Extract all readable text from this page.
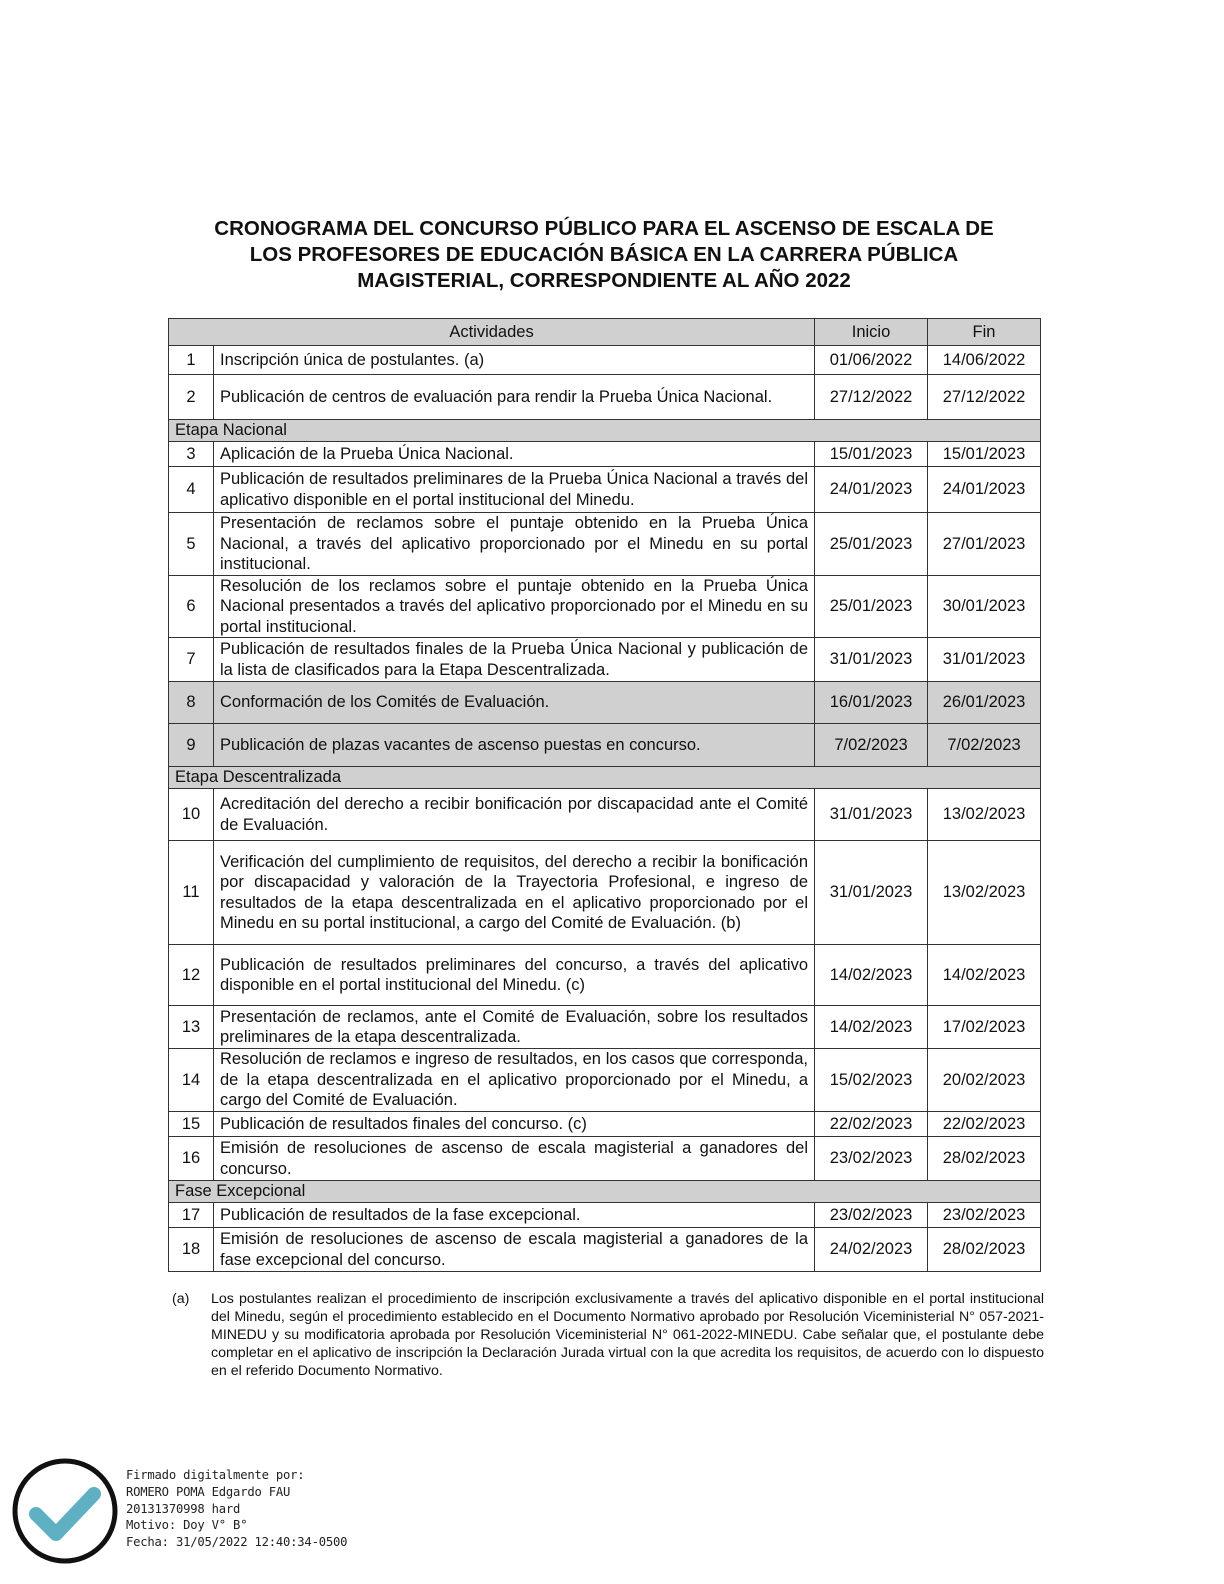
CRONOGRAMA DEL CONCURSO PÚBLICO PARA EL ASCENSO DE ESCALA DE
LOS PROFESORES DE EDUCACIÓN BÁSICA EN LA CARRERA PÚBLICA
MAGISTERIAL, CORRESPONDIENTE AL AÑO 2022
Actividades		Inicio	Fin
1	Inscripción única de postulantes. (a)	01/06/2022	14/06/2022
2	Publicación de centros de evaluación para rendir la Prueba Única Nacional.	27/12/2022	27/12/2022
Etapa Nacional			
3	Aplicación de la Prueba Única Nacional.	15/01/2023	15/01/2023
4	Publicación de resultados preliminares de la Prueba Única Nacional a través del aplicativo disponible en el portal institucional del Minedu.	24/01/2023	24/01/2023
5	Presentación de reclamos sobre el puntaje obtenido en la Prueba Única Nacional, a través del aplicativo proporcionado por el Minedu en su portal institucional.	25/01/2023	27/01/2023
6	Resolución de los reclamos sobre el puntaje obtenido en la Prueba Única Nacional presentados a través del aplicativo proporcionado por el Minedu en su portal institucional.	25/01/2023	30/01/2023
7	Publicación de resultados finales de la Prueba Única Nacional y publicación de la lista de clasificados para la Etapa Descentralizada.	31/01/2023	31/01/2023
8	Conformación de los Comités de Evaluación.	16/01/2023	26/01/2023
9	Publicación de plazas vacantes de ascenso puestas en concurso.	7/02/2023	7/02/2023
Etapa Descentralizada			
10	Acreditación del derecho a recibir bonificación por discapacidad ante el Comité de Evaluación.	31/01/2023	13/02/2023
11	Verificación del cumplimiento de requisitos, del derecho a recibir la bonificación por discapacidad y valoración de la Trayectoria Profesional, e ingreso de resultados de la etapa descentralizada en el aplicativo proporcionado por el Minedu en su portal institucional, a cargo del Comité de Evaluación. (b)	31/01/2023	13/02/2023
12	Publicación de resultados preliminares del concurso, a través del aplicativo disponible en el portal institucional del Minedu. (c)	14/02/2023	14/02/2023
13	Presentación de reclamos, ante el Comité de Evaluación, sobre los resultados preliminares de la etapa descentralizada.	14/02/2023	17/02/2023
14	Resolución de reclamos e ingreso de resultados, en los casos que corresponda, de la etapa descentralizada en el aplicativo proporcionado por el Minedu, a cargo del Comité de Evaluación.	15/02/2023	20/02/2023
15	Publicación de resultados finales del concurso. (c)	22/02/2023	22/02/2023
16	Emisión de resoluciones de ascenso de escala magisterial a ganadores del concurso.	23/02/2023	28/02/2023
Fase Excepcional			
17	Publicación de resultados de la fase excepcional.	23/02/2023	23/02/2023
18	Emisión de resoluciones de ascenso de escala magisterial a ganadores de la fase excepcional del concurso.	24/02/2023	28/02/2023
(a) Los postulantes realizan el procedimiento de inscripción exclusivamente a través del aplicativo disponible en el portal institucional del Minedu, según el procedimiento establecido en el Documento Normativo aprobado por Resolución Viceministerial N° 057-2021-MINEDU y su modificatoria aprobada por Resolución Viceministerial N° 061-2022-MINEDU. Cabe señalar que, el postulante debe completar en el aplicativo de inscripción la Declaración Jurada virtual con la que acredita los requisitos, de acuerdo con lo dispuesto en el referido Documento Normativo.
Firmado digitalmente por:
ROMERO POMA Edgardo FAU
20131370998 hard
Motivo: Doy V° B°
Fecha: 31/05/2022 12:40:34-0500
